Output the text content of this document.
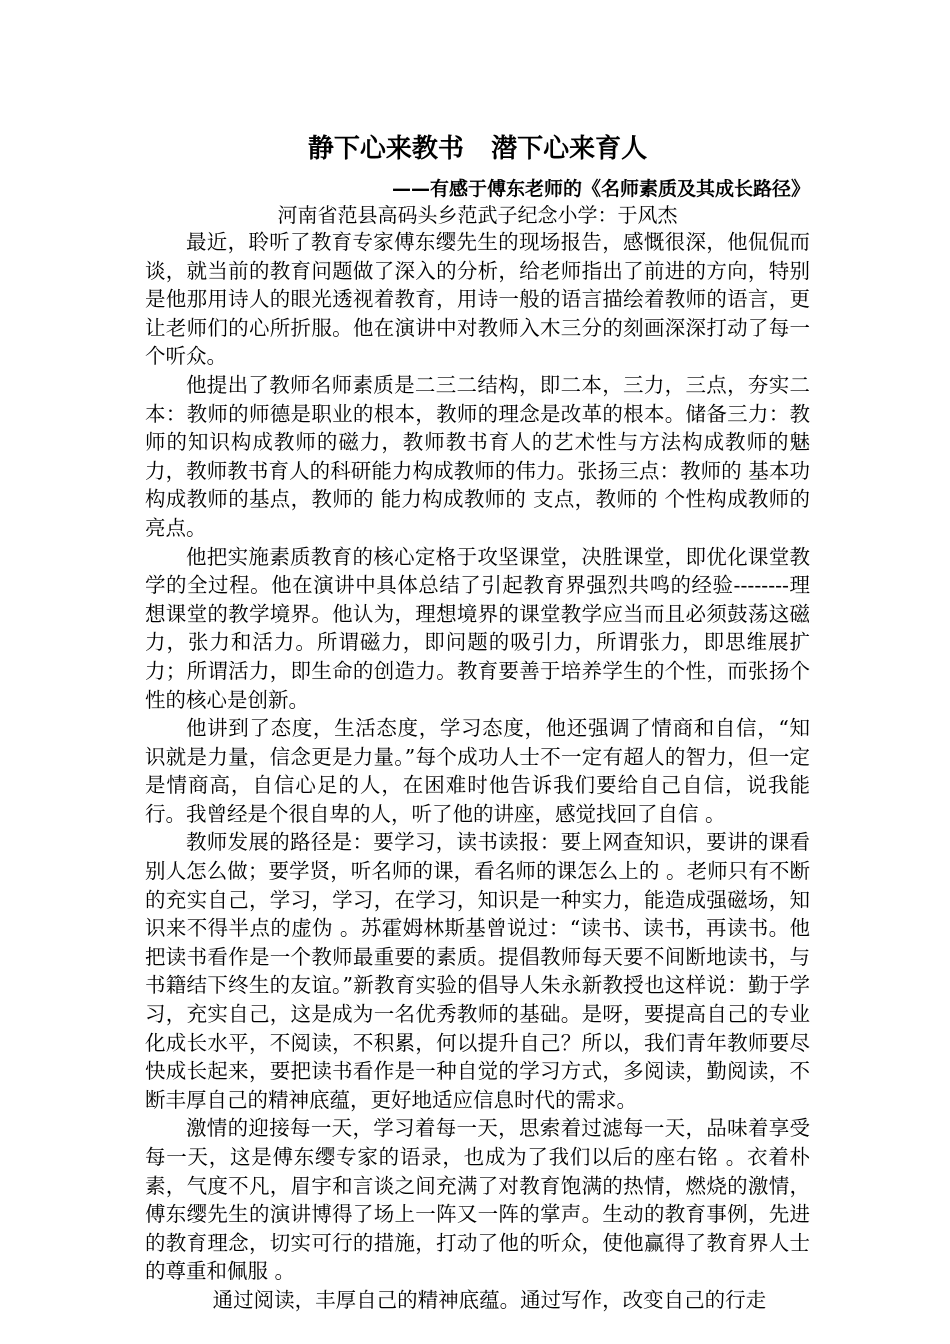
静下心来教书   潜下心来育人

——有感于傅东老师的《名师素质及其成长路径》

河南省范县高码头乡范武子纪念小学：于风杰

最近，聆听了教育专家傅东缨先生的现场报告，感慨很深，他侃侃而谈，就当前的教育问题做了深入的分析，给老师指出了前进的方向，特别是他那用诗人的眼光透视着教育，用诗一般的语言描绘着教师的语言，更让老师们的心所折服。他在演讲中对教师入木三分的刻画深深打动了每一个听众。

他提出了教师名师素质是二三二结构，即二本，三力，三点，夯实二本：教师的师德是职业的根本，教师的理念是改革的根本。储备三力：教师的知识构成教师的磁力，教师教书育人的艺术性与方法构成教师的魅力，教师教书育人的科研能力构成教师的伟力。张扬三点：教师的 基本功构成教师的基点，教师的 能力构成教师的 支点，教师的 个性构成教师的亮点。

他把实施素质教育的核心定格于攻坚课堂，决胜课堂，即优化课堂教学的全过程。他在演讲中具体总结了引起教育界强烈共鸣的经验--------理想课堂的教学境界。他认为，理想境界的课堂教学应当而且必须鼓荡这磁力，张力和活力。所谓磁力，即问题的吸引力，所谓张力，即思维展扩力；所谓活力，即生命的创造力。教育要善于培养学生的个性，而张扬个性的核心是创新。

他讲到了态度，生活态度，学习态度，他还强调了情商和自信，“知识就是力量，信念更是力量。”每个成功人士不一定有超人的智力，但一定是情商高，自信心足的人，在困难时他告诉我们要给自己自信，说我能行。我曾经是个很自卑的人，听了他的讲座，感觉找回了自信 。

教师发展的路径是：要学习，读书读报：要上网查知识，要讲的课看别人怎么做；要学贤，听名师的课，看名师的课怎么上的 。老师只有不断的充实自己，学习，学习，在学习，知识是一种实力，能造成强磁场，知识来不得半点的虚伪 。苏霍姆林斯基曾说过：“读书、读书，再读书。他把读书看作是一个教师最重要的素质。提倡教师每天要不间断地读书，与书籍结下终生的友谊。”新教育实验的倡导人朱永新教授也这样说：勤于学习，充实自己，这是成为一名优秀教师的基础。是呀，要提高自己的专业化成长水平，不阅读，不积累，何以提升自己？所以，我们青年教师要尽快成长起来，要把读书看作是一种自觉的学习方式，多阅读，勤阅读，不断丰厚自己的精神底蕴，更好地适应信息时代的需求。

激情的迎接每一天，学习着每一天，思索着过滤每一天，品味着享受每一天，这是傅东缨专家的语录，也成为了我们以后的座右铭 。衣着朴素，气度不凡，眉宇和言谈之间充满了对教育饱满的热情，燃烧的激情，傅东缨先生的演讲博得了场上一阵又一阵的掌声。生动的教育事例，先进的教育理念，切实可行的措施，打动了他的听众，使他赢得了教育界人士的尊重和佩服 。

通过阅读，丰厚自己的精神底蕴。通过写作，改变自己的行走
